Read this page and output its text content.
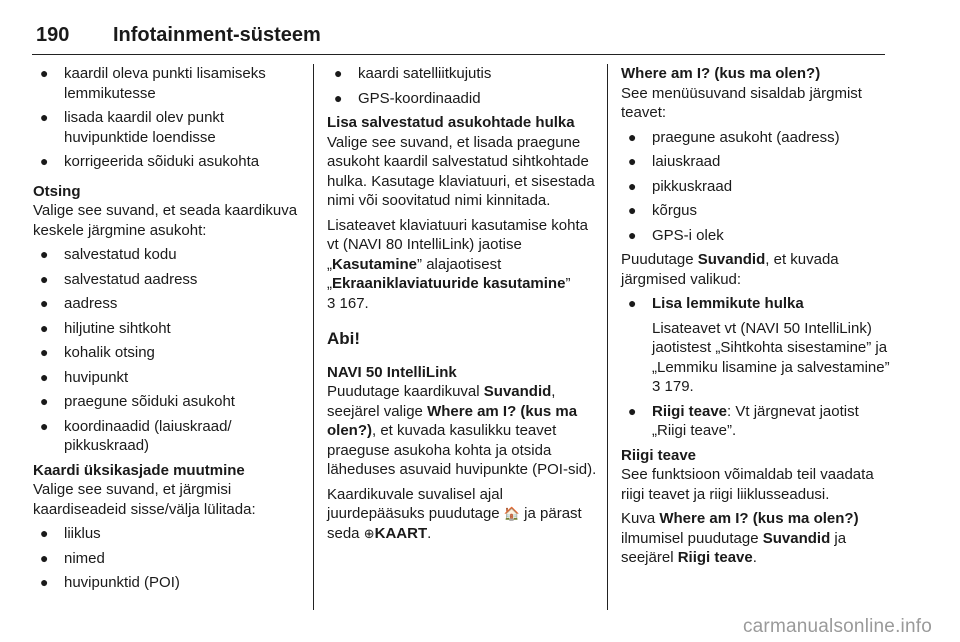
190 Infotainment-süsteem
● kaardil oleva punkti lisamiseks lemmikutesse
● lisada kaardil olev punkt huvipunktide loendisse
● korrigeerida sõiduki asukohta

Otsing

Valige see suvand, et seada kaardikuva keskele järgmine asukoht:

● salvestatud kodu
● salvestatud aadress
● aadress
● hiljutine sihtkoht
● kohalik otsing
● huvipunkt
● praegune sõiduki asukoht
● koordinaadid (laiuskraad/ pikkuskraad)

Kaardi üksikasjade muutmine

Valige see suvand, et järgmisi kaardiseadeid sisse/välja lülitada:

● liiklus
● nimed
● huvipunktid (POI)
● kaardi satelliitkujutis
● GPS-koordinaadid

Lisa salvestatud asukohtade hulka

Valige see suvand, et lisada praegune asukoht kaardil salvestatud sihtkohtade hulka. Kasutage klaviatuuri, et sisestada nimi või soovitatud nimi kinnitada.

Lisateavet klaviatuuri kasutamise kohta vt (NAVI 80 IntelliLink) jaotise „Kasutamine” alajaotisest „Ekraaniklaviatuuride kasutamine”
3 167.

Abi!

NAVI 50 IntelliLink

Puudutage kaardikuval Suvandid, seejärel valige Where am I? (kus ma olen?), et kuvada kasulikku teavet praeguse asukoha kohta ja otsida läheduses asuvaid huvipunkte (POI-sid).

Kaardikuvale suvalisel ajal juurdepääsuks puudutage 🏠 ja pärast seda ⊕KAART.

Where am I? (kus ma olen?)

See menüüsuvand sisaldab järgmist teavet:

● praegune asukoht (aadress)
● laiuskraad
● pikkuskraad
● kõrgus
● GPS-i olek

Puudutage Suvandid, et kuvada järgmised valikud:

● Lisa lemmikute hulka

Lisateavet vt (NAVI 50 IntelliLink) jaotistest „Sihtkohta sisestamine” ja „Lemmiku lisamine ja salvestamine” 3 179.

● Riigi teave: Vt järgnevat jaotist „Riigi teave”.

Riigi teave

See funktsioon võimaldab teil vaadata riigi teavet ja riigi liiklusseadusi.

Kuva Where am I? (kus ma olen?) ilmumisel puudutage Suvandid ja seejärel Riigi teave.

carmanualsonline.info
